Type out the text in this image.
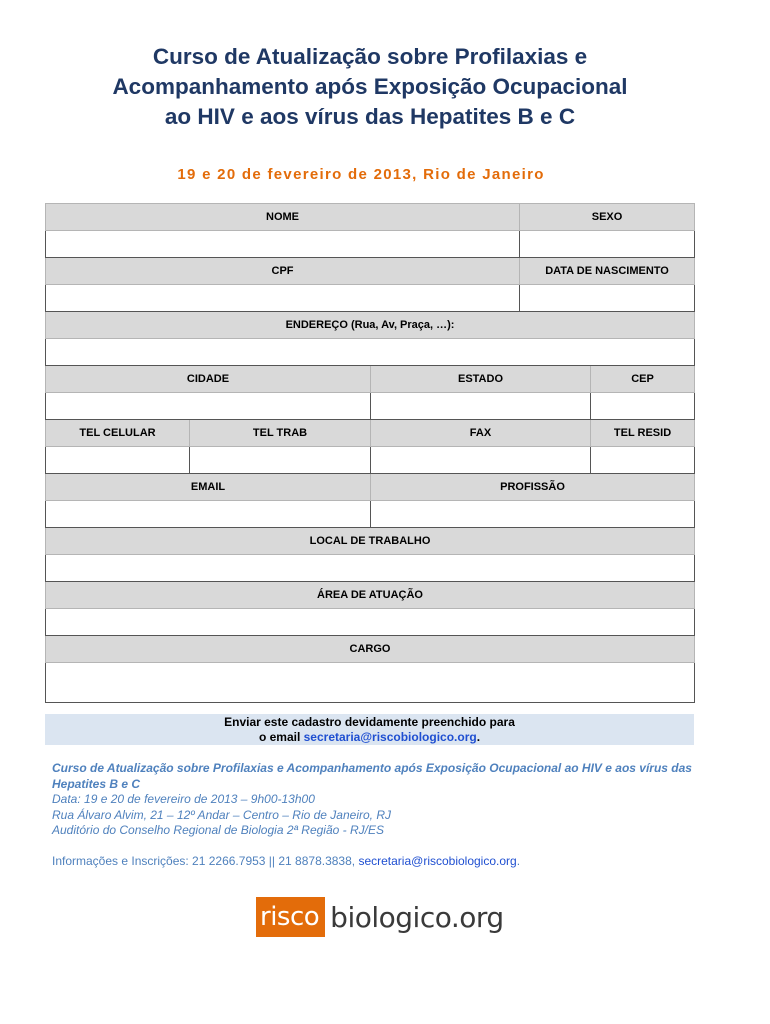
Curso de Atualização sobre Profilaxias e
Acompanhamento após Exposição Ocupacional
ao HIV e aos vírus das Hepatites B e C
19 e 20 de fevereiro de 2013, Rio de Janeiro
NOME			SEXO	

CPF			DATA DE NASCIMENTO	

ENDEREÇO (Rua, Av, Praça, …):				

CIDADE		ESTADO		CEP

TEL CELULAR	TEL TRAB	FAX		TEL RESID

EMAIL		PROFISSÃO		

LOCAL DE TRABALHO				

ÁREA DE ATUAÇÃO				

CARGO				

Enviar este cadastro devidamente preenchido para
o email secretaria@riscobiologico.org.
Curso de Atualização sobre Profilaxias e Acompanhamento após Exposição Ocupacional ao HIV e aos vírus das Hepatites B e C
Data: 19 e 20 de fevereiro de 2013 – 9h00-13h00
Rua Álvaro Alvim, 21 – 12º Andar – Centro – Rio de Janeiro, RJ
Auditório do Conselho Regional de Biologia 2ª Região - RJ/ES
Informações e Inscrições: 21 2266.7953 || 21 8878.3838, secretaria@riscobiologico.org.
risco biologico.org
